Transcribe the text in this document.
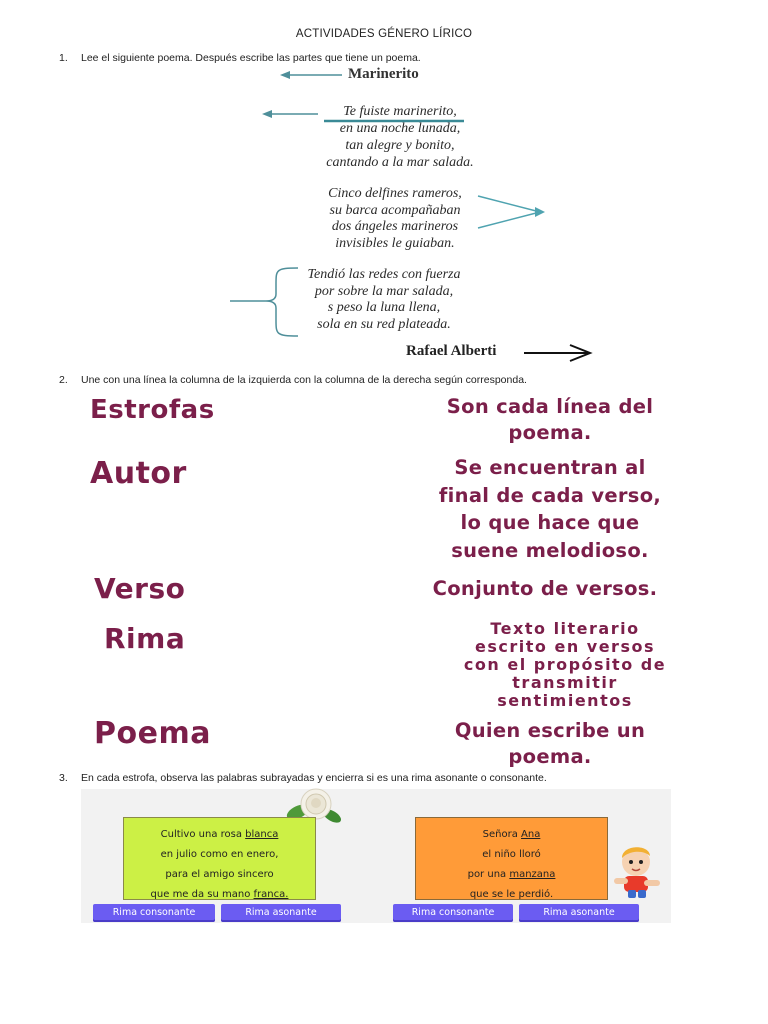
ACTIVIDADES GÉNERO LÍRICO
1. Lee el siguiente poema. Después escribe las partes que tiene un poema.
Marinerito
Te fuiste marinerito,
en una noche lunada,
tan alegre y bonito,
cantando a la mar salada.
Cinco delfines rameros,
su barca acompañaban
dos ángeles marineros
invisibles le guiaban.
Tendió las redes con fuerza
por sobre la mar salada,
s peso la luna llena,
sola en su red plateada.
Rafael Alberti
2. Une con una línea la columna de la izquierda con la columna de la derecha según corresponda.
Estrofas
Autor
Verso
Rima
Poema
Son cada línea del
poema.
Se encuentran al
final de cada verso,
lo que hace que
suene melodioso.
Conjunto de versos.
Texto literario
escrito en versos
con el propósito de
transmitir
sentimientos
Quien escribe un
poema.
3. En cada estrofa, observa las palabras subrayadas y encierra si es una rima asonante o consonante.
Cultivo una rosa blanca
en julio como en enero,
para el amigo sincero
que me da su mano franca.
Señora Ana
el niño lloró
por una manzana
que se le perdió.
Rima consonante	Rima asonante	Rima consonante	Rima asonante
